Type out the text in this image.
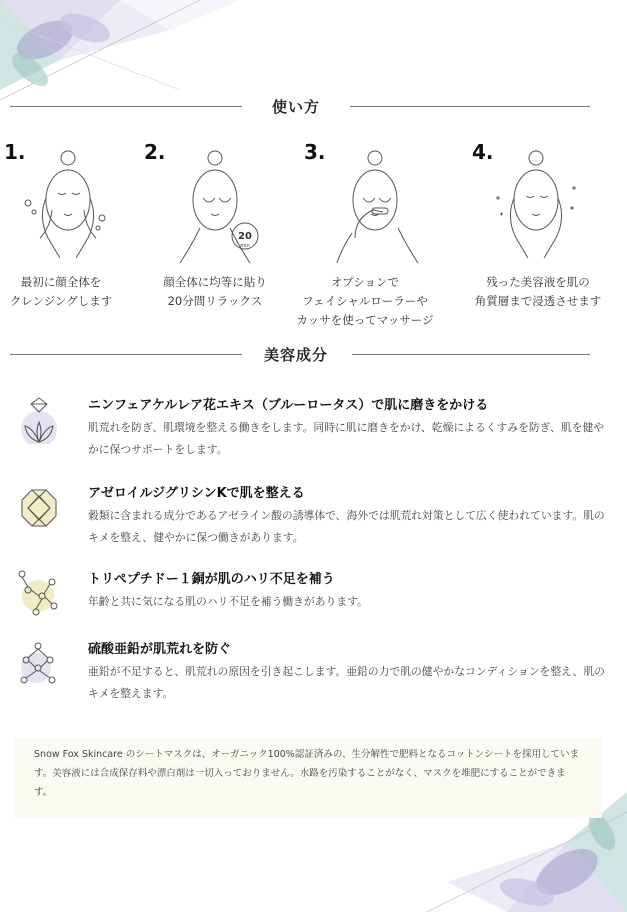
使い方
1.
最初に顔全体を
クレンジングします
2.
20
min
顔全体に均等に貼り
20分間リラックス
3.
オプションで
フェイシャルローラーや
カッサを使ってマッサージ
4.
残った美容液を肌の
角質層まで浸透させます
美容成分
ニンフェアケルレア花エキス（ブルーロータス）で肌に磨きをかける
肌荒れを防ぎ、肌環境を整える働きをします。同時に肌に磨きをかけ、乾燥によるくすみを防ぎ、肌を健やかに保つサポートをします。
アゼロイルジグリシンKで肌を整える
穀類に含まれる成分であるアゼライン酸の誘導体で、海外では肌荒れ対策として広く使われています。肌のキメを整え、健やかに保つ働きがあります。
トリペプチドー１銅が肌のハリ不足を補う
年齢と共に気になる肌のハリ不足を補う働きがあります。
硫酸亜鉛が肌荒れを防ぐ
亜鉛が不足すると、肌荒れの原因を引き起こします。亜鉛の力で肌の健やかなコンディションを整え、肌のキメを整えます。

Snow Fox Skincare のシートマスクは、オーガニック100%認証済みの、生分解性で肥料となるコットンシートを採用しています。美容液には合成保存料や漂白剤は一切入っておりません。水路を汚染することがなく、マスクを堆肥にすることができます。
